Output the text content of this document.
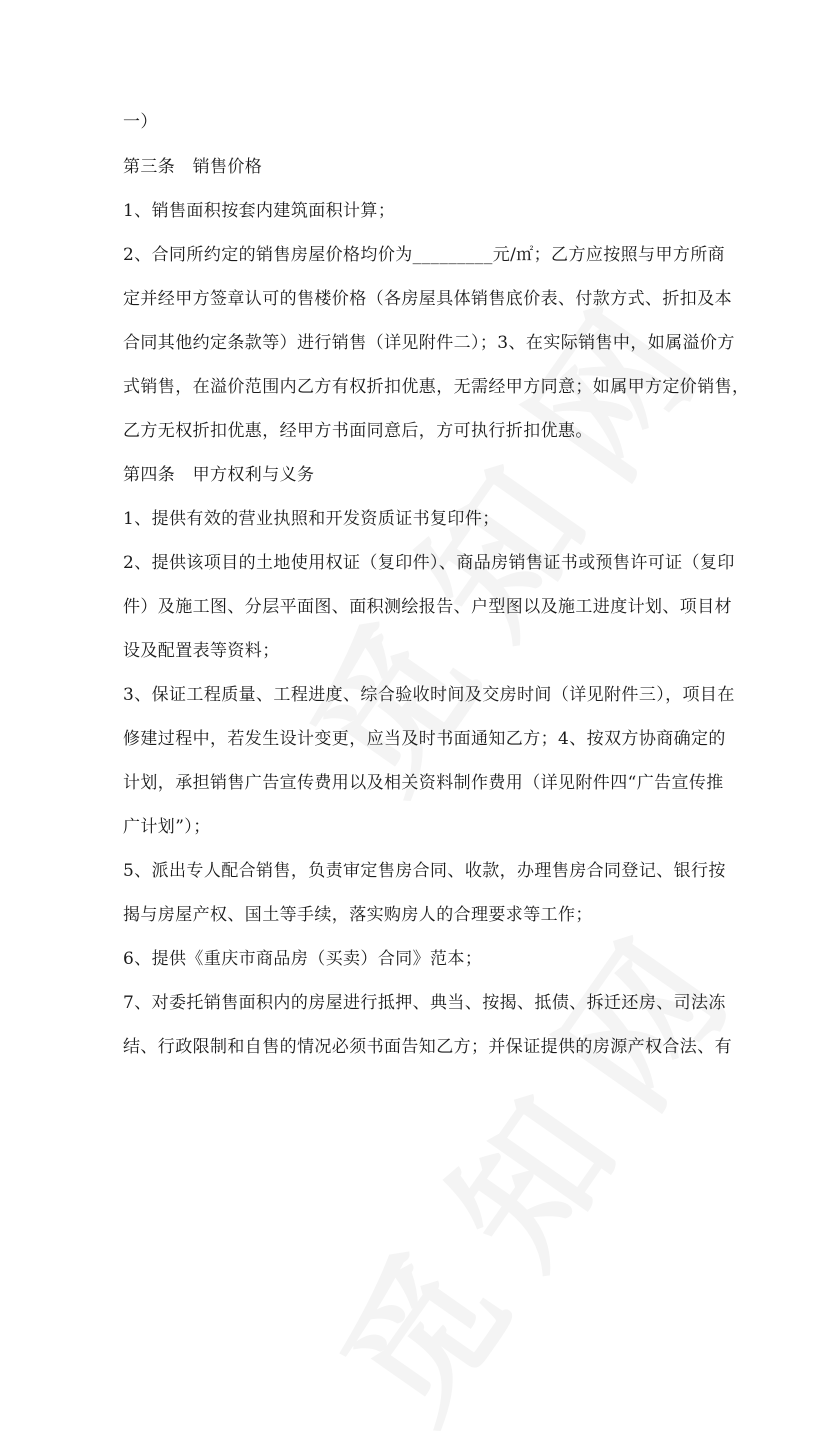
一）
第三条　销售价格
1、销售面积按套内建筑面积计算；
2、合同所约定的销售房屋价格均价为_________元/㎡；乙方应按照与甲方所商
定并经甲方签章认可的售楼价格（各房屋具体销售底价表、付款方式、折扣及本
合同其他约定条款等）进行销售（详见附件二）；3、在实际销售中，如属溢价方
式销售，在溢价范围内乙方有权折扣优惠，无需经甲方同意；如属甲方定价销售，
乙方无权折扣优惠，经甲方书面同意后，方可执行折扣优惠。
第四条　甲方权利与义务
1、提供有效的营业执照和开发资质证书复印件；
2、提供该项目的土地使用权证（复印件）、商品房销售证书或预售许可证（复印
件）及施工图、分层平面图、面积测绘报告、户型图以及施工进度计划、项目材
设及配置表等资料；
3、保证工程质量、工程进度、综合验收时间及交房时间（详见附件三），项目在
修建过程中，若发生设计变更，应当及时书面通知乙方；4、按双方协商确定的
计划，承担销售广告宣传费用以及相关资料制作费用（详见附件四“广告宣传推
广计划”）；
5、派出专人配合销售，负责审定售房合同、收款，办理售房合同登记、银行按
揭与房屋产权、国土等手续，落实购房人的合理要求等工作；
6、提供《重庆市商品房（买卖）合同》范本；
7、对委托销售面积内的房屋进行抵押、典当、按揭、抵债、拆迁还房、司法冻
结、行政限制和自售的情况必须书面告知乙方；并保证提供的房源产权合法、有
